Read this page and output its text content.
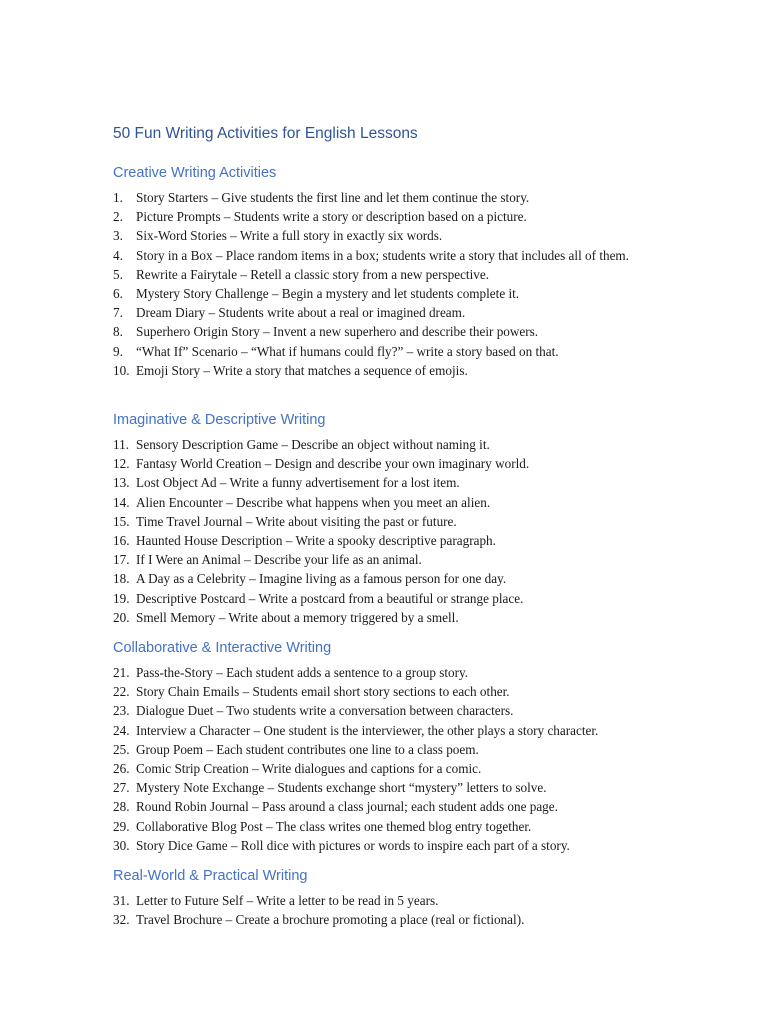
50 Fun Writing Activities for English Lessons
Creative Writing Activities
1. Story Starters – Give students the first line and let them continue the story.
2. Picture Prompts – Students write a story or description based on a picture.
3. Six-Word Stories – Write a full story in exactly six words.
4. Story in a Box – Place random items in a box; students write a story that includes all of them.
5. Rewrite a Fairytale – Retell a classic story from a new perspective.
6. Mystery Story Challenge – Begin a mystery and let students complete it.
7. Dream Diary – Students write about a real or imagined dream.
8. Superhero Origin Story – Invent a new superhero and describe their powers.
9. “What If” Scenario – “What if humans could fly?” – write a story based on that.
10. Emoji Story – Write a story that matches a sequence of emojis.
Imaginative & Descriptive Writing
11. Sensory Description Game – Describe an object without naming it.
12. Fantasy World Creation – Design and describe your own imaginary world.
13. Lost Object Ad – Write a funny advertisement for a lost item.
14. Alien Encounter – Describe what happens when you meet an alien.
15. Time Travel Journal – Write about visiting the past or future.
16. Haunted House Description – Write a spooky descriptive paragraph.
17. If I Were an Animal – Describe your life as an animal.
18. A Day as a Celebrity – Imagine living as a famous person for one day.
19. Descriptive Postcard – Write a postcard from a beautiful or strange place.
20. Smell Memory – Write about a memory triggered by a smell.
Collaborative & Interactive Writing
21. Pass-the-Story – Each student adds a sentence to a group story.
22. Story Chain Emails – Students email short story sections to each other.
23. Dialogue Duet – Two students write a conversation between characters.
24. Interview a Character – One student is the interviewer, the other plays a story character.
25. Group Poem – Each student contributes one line to a class poem.
26. Comic Strip Creation – Write dialogues and captions for a comic.
27. Mystery Note Exchange – Students exchange short “mystery” letters to solve.
28. Round Robin Journal – Pass around a class journal; each student adds one page.
29. Collaborative Blog Post – The class writes one themed blog entry together.
30. Story Dice Game – Roll dice with pictures or words to inspire each part of a story.
Real-World & Practical Writing
31. Letter to Future Self – Write a letter to be read in 5 years.
32. Travel Brochure – Create a brochure promoting a place (real or fictional).
